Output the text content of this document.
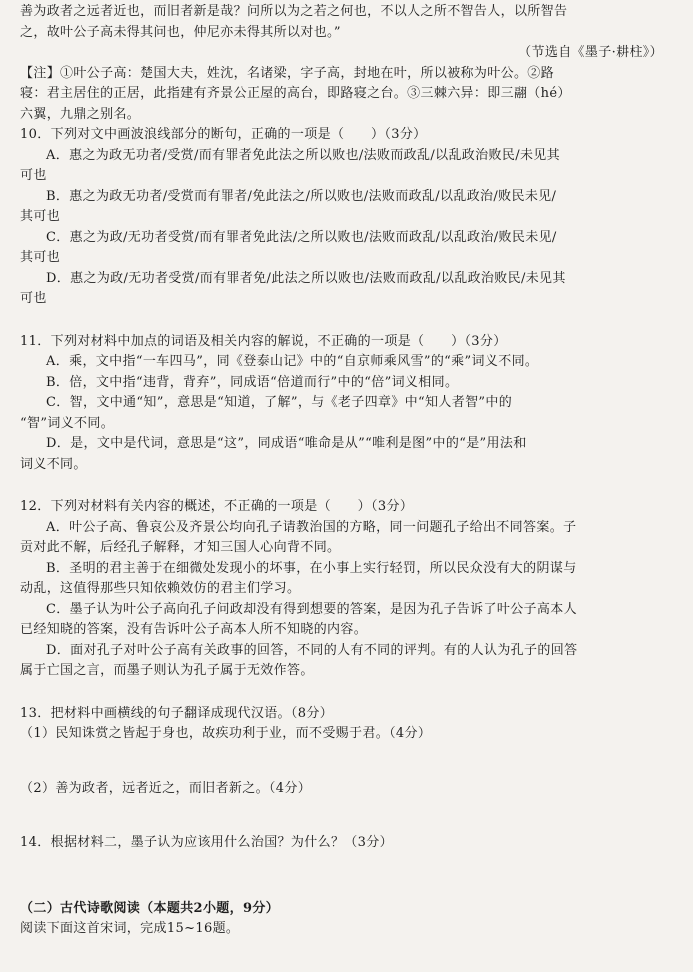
善为政者之远者近也，而旧者新是哉？问所以为之若之何也，不以人之所不智告人，以所智告
之，故叶公子高未得其问也，仲尼亦未得其所以对也。”
（节选自《墨子·耕柱》）
【注】①叶公子高：楚国大夫，姓沈，名诸梁，字子高，封地在叶，所以被称为叶公。②路
寝：君主居住的正居，此指建有齐景公正屋的高台，即路寝之台。③三棘六异：即三翮（hé）
六翼，九鼎之别名。
10．下列对文中画波浪线部分的断句，正确的一项是（　　）（3分）
A．惠之为政无功者/受赏/而有罪者免此法之所以败也/法败而政乱/以乱政治败民/未见其
可也
B．惠之为政无功者/受赏而有罪者/免此法之/所以败也/法败而政乱/以乱政治/败民未见/
其可也
C．惠之为政/无功者受赏/而有罪者免此法/之所以败也/法败而政乱/以乱政治/败民未见/
其可也
D．惠之为政/无功者受赏/而有罪者免/此法之所以败也/法败而政乱/以乱政治败民/未见其
可也
11．下列对材料中加点的词语及相关内容的解说，不正确的一项是（　　）（3分）
A．乘，文中指“一车四马”，同《登泰山记》中的“自京师乘风雪”的“乘”词义不同。
B．倍，文中指“违背，背弃”，同成语“倍道而行”中的“倍”词义相同。
C．智，文中通“知”，意思是“知道，了解”，与《老子四章》中“知人者智”中的
“智”词义不同。
D．是，文中是代词，意思是“这”，同成语“唯命是从”“唯利是图”中的“是”用法和
词义不同。
12．下列对材料有关内容的概述，不正确的一项是（　　）（3分）
A．叶公子高、鲁哀公及齐景公均向孔子请教治国的方略，同一问题孔子给出不同答案。子
贡对此不解，后经孔子解释，才知三国人心向背不同。
B．圣明的君主善于在细微处发现小的坏事，在小事上实行轻罚，所以民众没有大的阴谋与
动乱，这值得那些只知依赖效仿的君主们学习。
C．墨子认为叶公子高向孔子问政却没有得到想要的答案，是因为孔子告诉了叶公子高本人
已经知晓的答案，没有告诉叶公子高本人所不知晓的内容。
D．面对孔子对叶公子高有关政事的回答，不同的人有不同的评判。有的人认为孔子的回答
属于亡国之言，而墨子则认为孔子属于无效作答。
13．把材料中画横线的句子翻译成现代汉语。（8分）
（1）民知诛赏之皆起于身也，故疾功利于业，而不受赐于君。（4分）
（2）善为政者，远者近之，而旧者新之。（4分）
14．根据材料二，墨子认为应该用什么治国？为什么？（3分）
（二）古代诗歌阅读（本题共2小题，9分）
阅读下面这首宋词，完成15~16题。
